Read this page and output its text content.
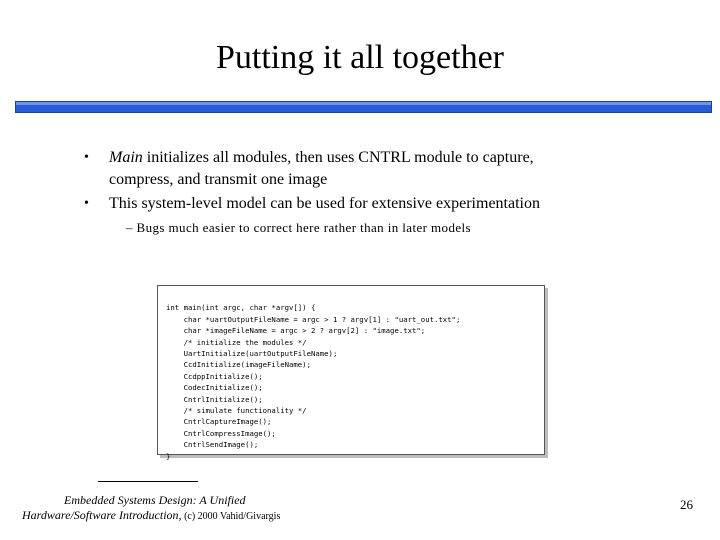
Putting it all together
• Main initializes all modules, then uses CNTRL module to capture,
compress, and transmit one image
• This system-level model can be used for extensive experimentation
– Bugs much easier to correct here rather than in later models

int main(int argc, char *argv[]) {
char *uartOutputFileName = argc > 1 ? argv[1] : "uart_out.txt";
char *imageFileName = argc > 2 ? argv[2] : "image.txt";
/* initialize the modules */
UartInitialize(uartOutputFileName);
CcdInitialize(imageFileName);
CcdppInitialize();
CodecInitialize();
CntrlInitialize();
/* simulate functionality */
CntrlCaptureImage();
CntrlCompressImage();
CntrlSendImage();
}

Embedded Systems Design: A Unified
Hardware/Software Introduction, (c) 2000 Vahid/Givargis
26
